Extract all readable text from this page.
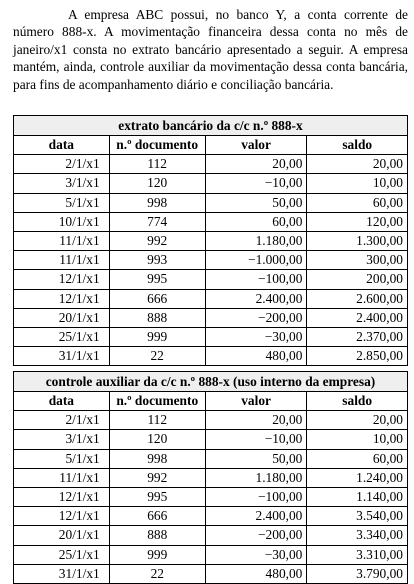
A empresa ABC possui, no banco Y, a conta corrente de número 888-x. A movimentação financeira dessa conta no mês de janeiro/x1 consta no extrato bancário apresentado a seguir. A empresa mantém, ainda, controle auxiliar da movimentação dessa conta bancária, para fins de acompanhamento diário e conciliação bancária.
extrato bancário da c/c n.º 888-x			
data	n.º documento	valor	saldo
2/1/x1	112	20,00	20,00
3/1/x1	120	−10,00	10,00
5/1/x1	998	50,00	60,00
10/1/x1	774	60,00	120,00
11/1/x1	992	1.180,00	1.300,00
11/1/x1	993	−1.000,00	300,00
12/1/x1	995	−100,00	200,00
12/1/x1	666	2.400,00	2.600,00
20/1/x1	888	−200,00	2.400,00
25/1/x1	999	−30,00	2.370,00
31/1/x1	22	480,00	2.850,00
controle auxiliar da c/c n.º 888-x (uso interno da empresa)			
data	n.º documento	valor	saldo
2/1/x1	112	20,00	20,00
3/1/x1	120	−10,00	10,00
5/1/x1	998	50,00	60,00
11/1/x1	992	1.180,00	1.240,00
12/1/x1	995	−100,00	1.140,00
12/1/x1	666	2.400,00	3.540,00
20/1/x1	888	−200,00	3.340,00
25/1/x1	999	−30,00	3.310,00
31/1/x1	22	480,00	3.790,00
